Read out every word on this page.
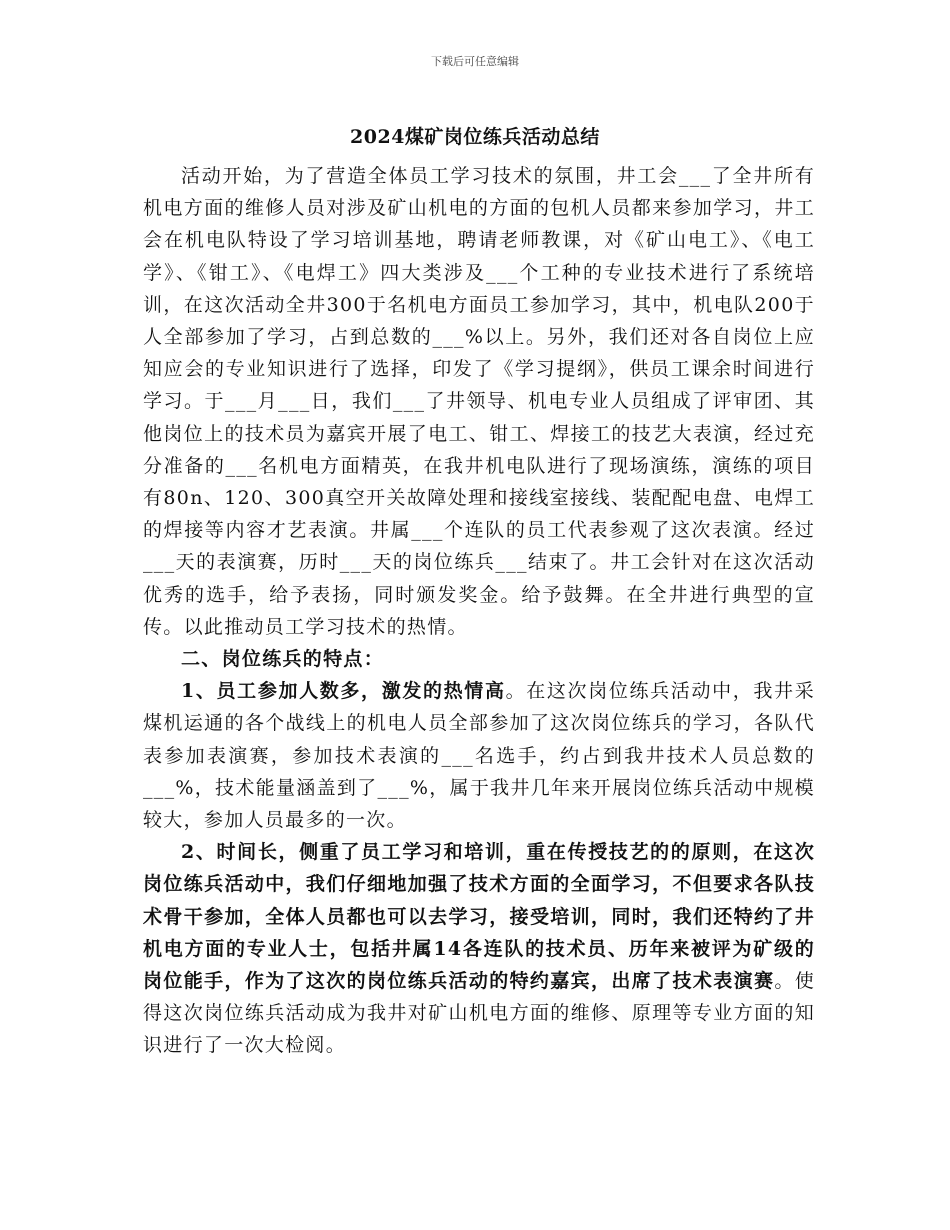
下载后可任意编辑
2024煤矿岗位练兵活动总结

活动开始，为了营造全体员工学习技术的氛围，井工会___了全井所有机电方面的维修人员对涉及矿山机电的方面的包机人员都来参加学习，井工会在机电队特设了学习培训基地，聘请老师教课，对《矿山电工》、《电工学》、《钳工》、《电焊工》四大类涉及___个工种的专业技术进行了系统培训，在这次活动全井300于名机电方面员工参加学习，其中，机电队200于人全部参加了学习，占到总数的___%以上。另外，我们还对各自岗位上应知应会的专业知识进行了选择，印发了《学习提纲》，供员工课余时间进行学习。于___月___日，我们___了井领导、机电专业人员组成了评审团、其他岗位上的技术员为嘉宾开展了电工、钳工、焊接工的技艺大表演，经过充分准备的___名机电方面精英，在我井机电队进行了现场演练，演练的项目有80n、120、300真空开关故障处理和接线室接线、装配配电盘、电焊工的焊接等内容才艺表演。井属___个连队的员工代表参观了这次表演。经过___天的表演赛，历时___天的岗位练兵___结束了。井工会针对在这次活动优秀的选手，给予表扬，同时颁发奖金。给予鼓舞。在全井进行典型的宣传。以此推动员工学习技术的热情。

二、岗位练兵的特点：

1、员工参加人数多，激发的热情高。在这次岗位练兵活动中，我井采煤机运通的各个战线上的机电人员全部参加了这次岗位练兵的学习，各队代表参加表演赛，参加技术表演的___名选手，约占到我井技术人员总数的___%，技术能量涵盖到了___%，属于我井几年来开展岗位练兵活动中规模较大，参加人员最多的一次。

2、时间长，侧重了员工学习和培训，重在传授技艺的的原则，在这次岗位练兵活动中，我们仔细地加强了技术方面的全面学习，不但要求各队技术骨干参加，全体人员都也可以去学习，接受培训，同时，我们还特约了井机电方面的专业人士，包括井属14各连队的技术员、历年来被评为矿级的岗位能手，作为了这次的岗位练兵活动的特约嘉宾，出席了技术表演赛。使得这次岗位练兵活动成为我井对矿山机电方面的维修、原理等专业方面的知识进行了一次大检阅。
